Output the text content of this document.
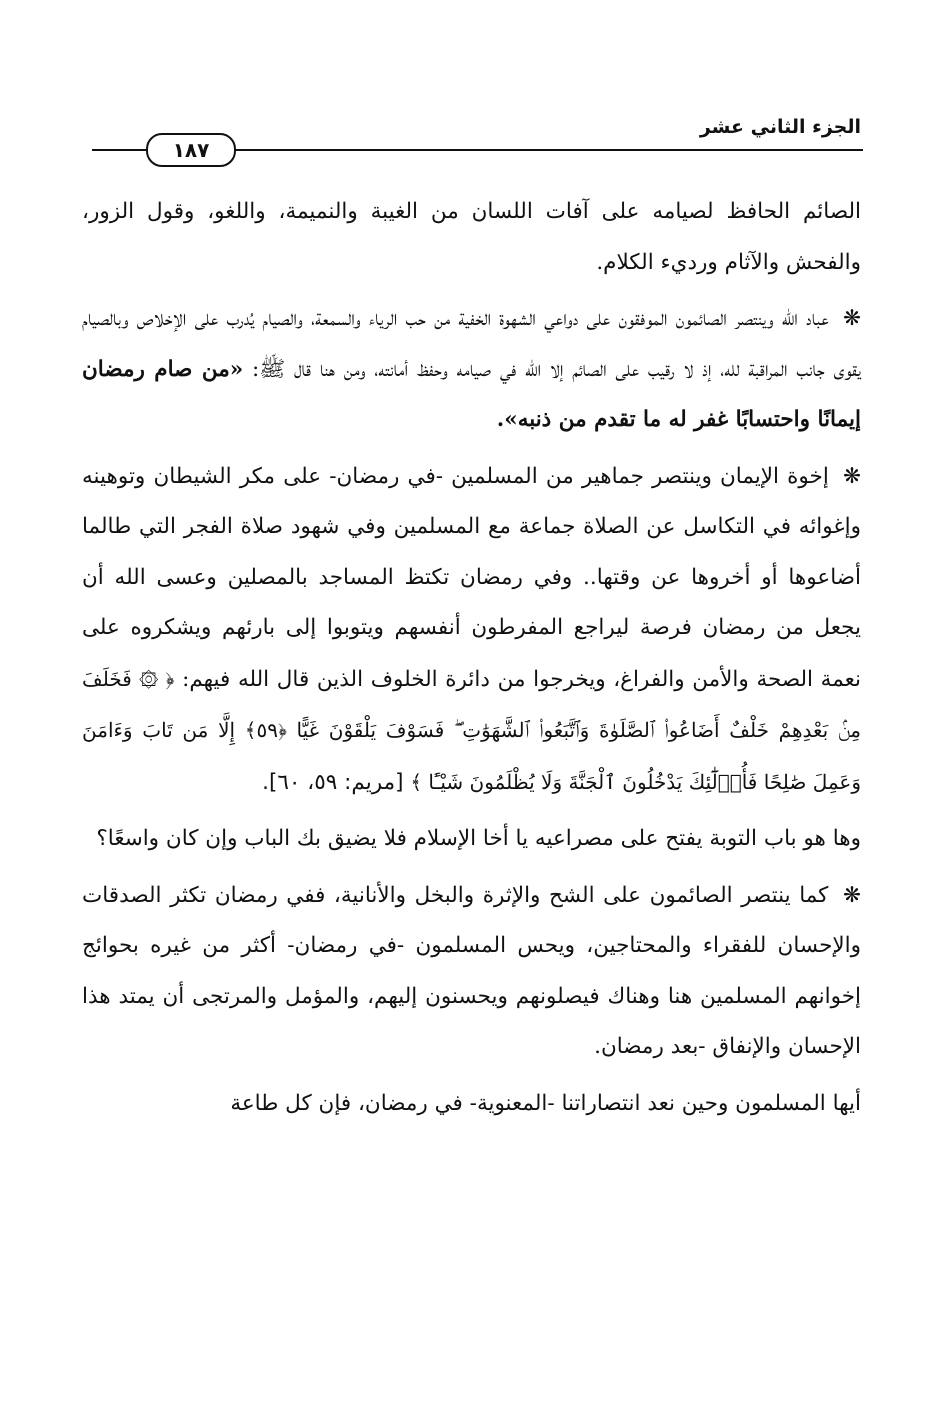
الجزء الثاني عشر
١٨٧

الصائم الحافظ لصيامه على آفات اللسان من الغيبة والنميمة، واللغو، وقول الزور، والفحش والآثام ورديء الكلام.

❋ عباد الله وينتصر الصائمون الموفقون على دواعي الشهوة الخفية من حب الرياء والسمعة، والصيام يُدرب على الإخلاص وبالصيام يقوى جانب المراقبة لله، إذ لا رقيب على الصائم إلا الله في صيامه وحفظ أمانته، ومن هنا قال ﷺ: «من صام رمضان إيمانًا واحتسابًا غفر له ما تقدم من ذنبه».

❋ إخوة الإيمان وينتصر جماهير من المسلمين -في رمضان- على مكر الشيطان وتوهينه وإغوائه في التكاسل عن الصلاة جماعة مع المسلمين وفي شهود صلاة الفجر التي طالما أضاعوها أو أخروها عن وقتها.. وفي رمضان تكتظ المساجد بالمصلين وعسى الله أن يجعل من رمضان فرصة ليراجع المفرطون أنفسهم ويتوبوا إلى بارئهم ويشكروه على نعمة الصحة والأمن والفراغ، ويخرجوا من دائرة الخلوف الذين قال الله فيهم: ﴿ ۞ فَخَلَفَ مِنۢ بَعْدِهِمْ خَلْفٌ أَضَاعُوا۟ ٱلصَّلَوٰةَ وَٱتَّبَعُوا۟ ٱلشَّهَوَٰتِ ۖ فَسَوْفَ يَلْقَوْنَ غَيًّا ﴿٥٩﴾ إِلَّا مَن تَابَ وَءَامَنَ وَعَمِلَ صَٰلِحًا فَأُو۟لَٰٓئِكَ يَدْخُلُونَ ٱلْجَنَّةَ وَلَا يُظْلَمُونَ شَيْـًٔا ﴾ [مريم: ٥٩، ٦٠].

وها هو باب التوبة يفتح على مصراعيه يا أخا الإسلام فلا يضيق بك الباب وإن كان واسعًا؟

❋ كما ينتصر الصائمون على الشح والإثرة والبخل والأنانية، ففي رمضان تكثر الصدقات والإحسان للفقراء والمحتاجين، ويحس المسلمون -في رمضان- أكثر من غيره بحوائج إخوانهم المسلمين هنا وهناك فيصلونهم ويحسنون إليهم، والمؤمل والمرتجى أن يمتد هذا الإحسان والإنفاق -بعد رمضان.

أيها المسلمون وحين نعد انتصاراتنا -المعنوية- في رمضان، فإن كل طاعة
